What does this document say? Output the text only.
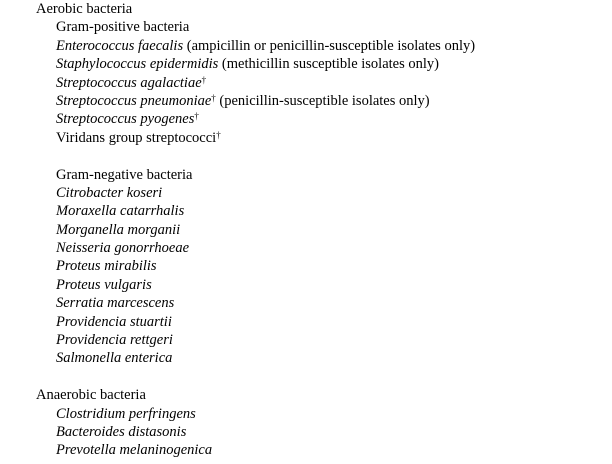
Aerobic bacteria
Gram-positive bacteria
Enterococcus faecalis (ampicillin or penicillin-susceptible isolates only)
Staphylococcus epidermidis (methicillin susceptible isolates only)
Streptococcus agalactiae†
Streptococcus pneumoniae† (penicillin-susceptible isolates only)
Streptococcus pyogenes†
Viridans group streptococci†
Gram-negative bacteria
Citrobacter koseri
Moraxella catarrhalis
Morganella morganii
Neisseria gonorrhoeae
Proteus mirabilis
Proteus vulgaris
Serratia marcescens
Providencia stuartii
Providencia rettgeri
Salmonella enterica
Anaerobic bacteria
Clostridium perfringens
Bacteroides distasonis
Prevotella melaninogenica
